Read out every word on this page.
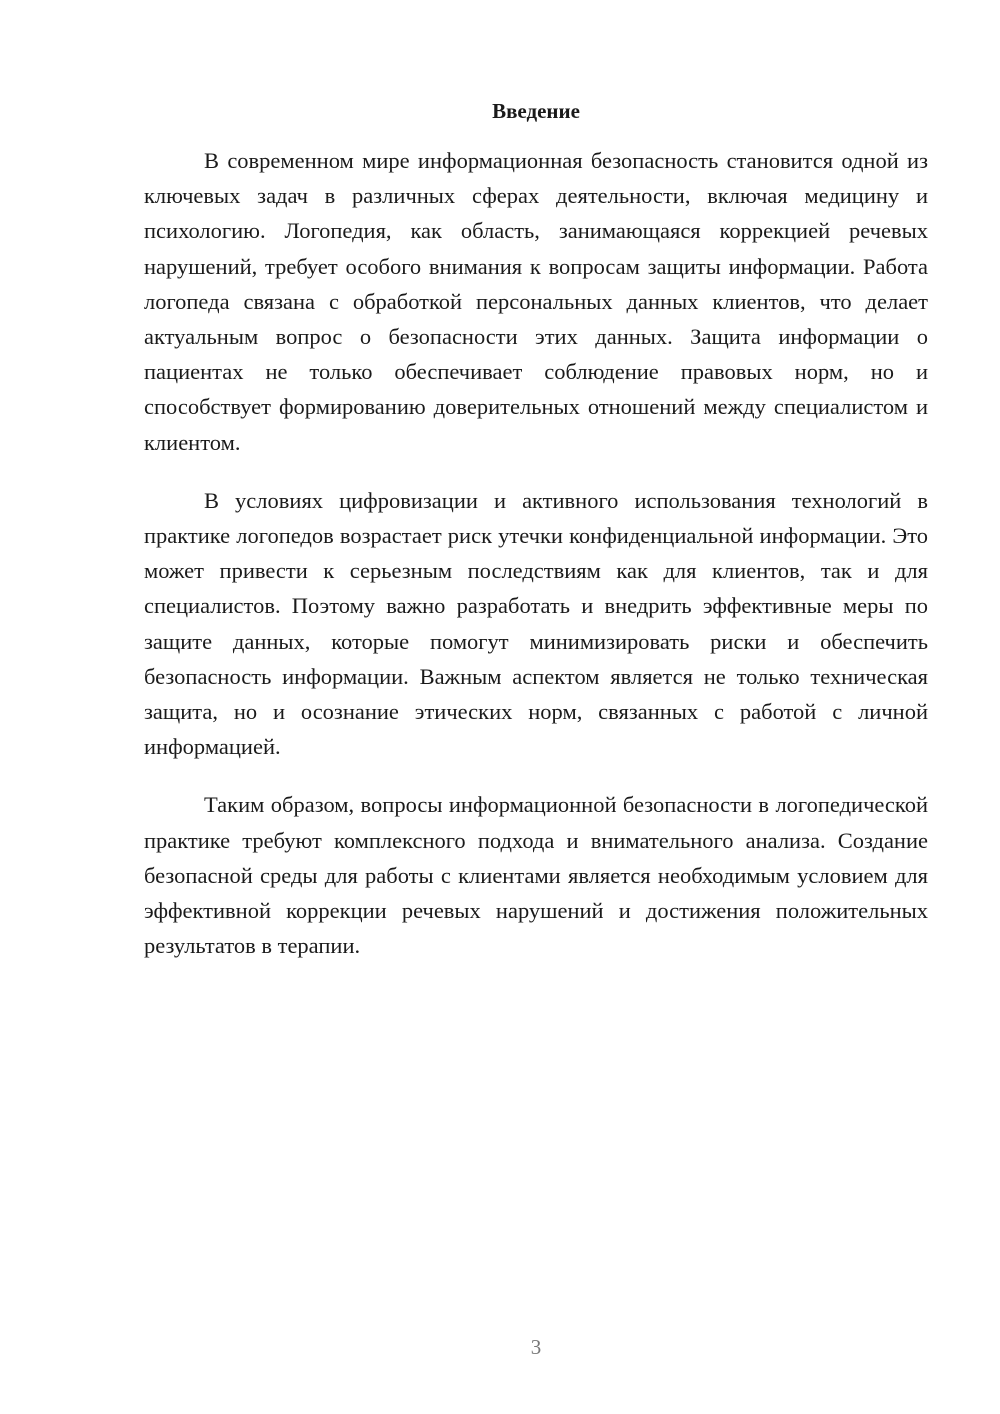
Введение

В современном мире информационная безопасность становится одной из ключевых задач в различных сферах деятельности, включая медицину и психологию. Логопедия, как область, занимающаяся коррекцией речевых нарушений, требует особого внимания к вопросам защиты информации. Работа логопеда связана с обработкой персональных данных клиентов, что делает актуальным вопрос о безопасности этих данных. Защита информации о пациентах не только обеспечивает соблюдение правовых норм, но и способствует формированию доверительных отношений между специалистом и клиентом.

В условиях цифровизации и активного использования технологий в практике логопедов возрастает риск утечки конфиденциальной информации. Это может привести к серьезным последствиям как для клиентов, так и для специалистов. Поэтому важно разработать и внедрить эффективные меры по защите данных, которые помогут минимизировать риски и обеспечить безопасность информации. Важным аспектом является не только техническая защита, но и осознание этических норм, связанных с работой с личной информацией.

Таким образом, вопросы информационной безопасности в логопедической практике требуют комплексного подхода и внимательного анализа. Создание безопасной среды для работы с клиентами является необходимым условием для эффективной коррекции речевых нарушений и достижения положительных результатов в терапии.

3
